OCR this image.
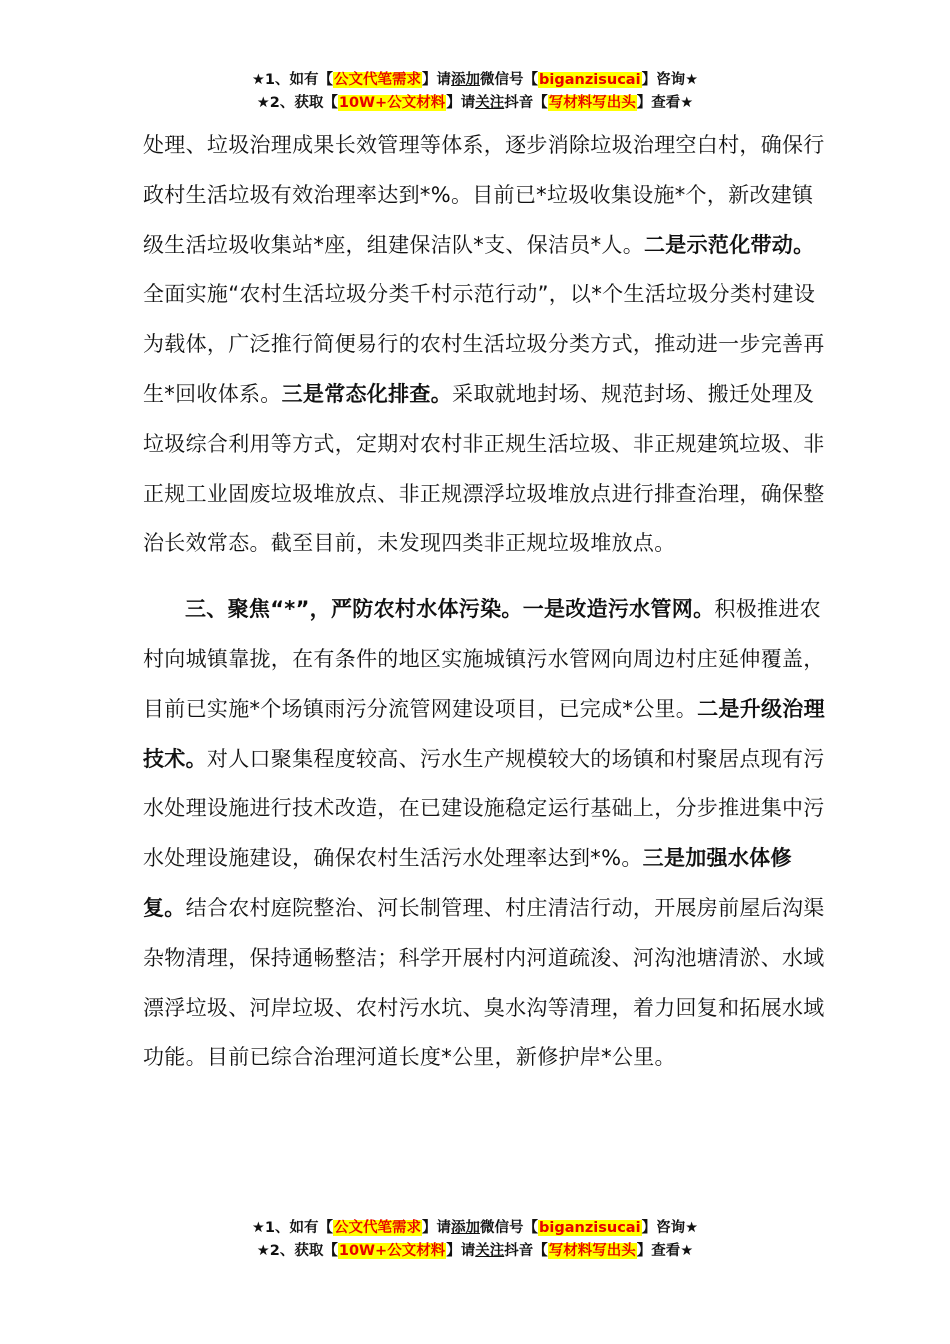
★1、如有【公文代笔需求】请添加微信号【biganzisucai】咨询★
★2、获取【10W+公文材料】请关注抖音【写材料写出头】查看★

处理、垃圾治理成果长效管理等体系，逐步消除垃圾治理空白村，确保行政村生活垃圾有效治理率达到*%。目前已*垃圾收集设施*个，新改建镇级生活垃圾收集站*座，组建保洁队*支、保洁员*人。二是示范化带动。全面实施“农村生活垃圾分类千村示范行动”，以*个生活垃圾分类村建设为载体，广泛推行简便易行的农村生活垃圾分类方式，推动进一步完善再生*回收体系。三是常态化排查。采取就地封场、规范封场、搬迁处理及垃圾综合利用等方式，定期对农村非正规生活垃圾、非正规建筑垃圾、非正规工业固废垃圾堆放点、非正规漂浮垃圾堆放点进行排查治理，确保整治长效常态。截至目前，未发现四类非正规垃圾堆放点。

三、聚焦“*”，严防农村水体污染。一是改造污水管网。积极推进农村向城镇靠拢，在有条件的地区实施城镇污水管网向周边村庄延伸覆盖，目前已实施*个场镇雨污分流管网建设项目，已完成*公里。二是升级治理技术。对人口聚集程度较高、污水生产规模较大的场镇和村聚居点现有污水处理设施进行技术改造，在已建设施稳定运行基础上，分步推进集中污水处理设施建设，确保农村生活污水处理率达到*%。三是加强水体修复。结合农村庭院整治、河长制管理、村庄清洁行动，开展房前屋后沟渠杂物清理，保持通畅整洁；科学开展村内河道疏浚、河沟池塘清淤、水域漂浮垃圾、河岸垃圾、农村污水坑、臭水沟等清理，着力回复和拓展水域功能。目前已综合治理河道长度*公里，新修护岸*公里。

★1、如有【公文代笔需求】请添加微信号【biganzisucai】咨询★
★2、获取【10W+公文材料】请关注抖音【写材料写出头】查看★
